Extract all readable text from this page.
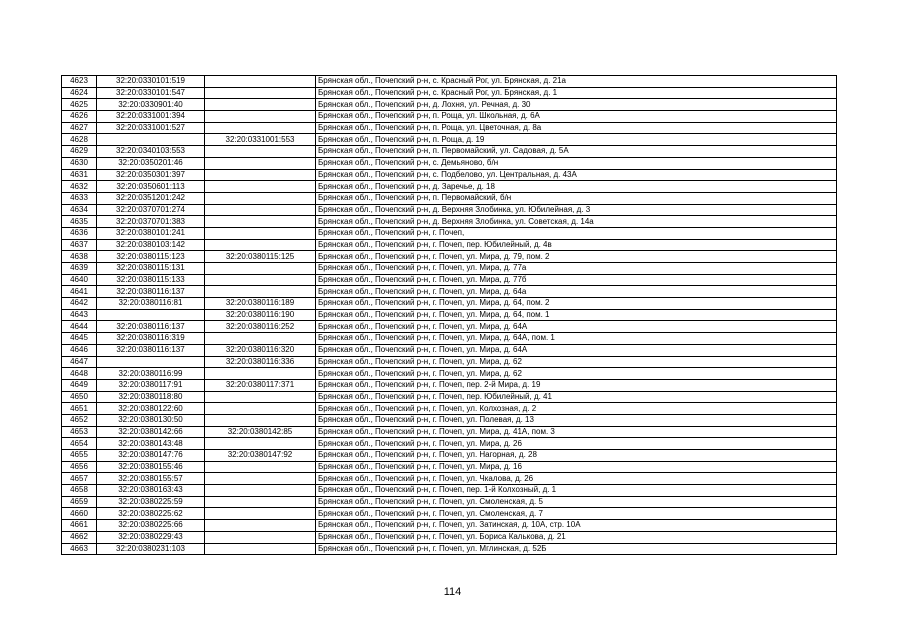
4623	32:20:0330101:519		Брянская обл., Почепский р-н, с. Красный Рог, ул. Брянская, д. 21а
4624	32:20:0330101:547		Брянская обл., Почепский р-н, с. Красный Рог, ул. Брянская, д. 1
4625	32:20:0330901:40		Брянская обл., Почепский р-н, д. Лохня, ул. Речная, д. 30
4626	32:20:0331001:394		Брянская обл., Почепский р-н, п. Роща, ул. Школьная, д. 6А
4627	32:20:0331001:527		Брянская обл., Почепский р-н, п. Роща, ул. Цветочная, д. 8а
4628		32:20:0331001:553	Брянская обл., Почепский р-н, п. Роща, д. 19
4629	32:20:0340103:553		Брянская обл., Почепский р-н, п. Первомайский, ул. Садовая, д. 5А
4630	32:20:0350201:46		Брянская обл., Почепский р-н, с. Демьяново, б/н
4631	32:20:0350301:397		Брянская обл., Почепский р-н, с. Подбелово, ул. Центральная, д. 43А
4632	32:20:0350601:113		Брянская обл., Почепский р-н, д. Заречье, д. 18
4633	32:20:0351201:242		Брянская обл., Почепский р-н, п. Первомайский, б/н
4634	32:20:0370701:274		Брянская обл., Почепский р-н, д. Верхняя Злобинка, ул. Юбилейная, д. 3
4635	32:20:0370701:383		Брянская обл., Почепский р-н, д. Верхняя Злобинка, ул. Советская, д. 14а
4636	32:20:0380101:241		Брянская обл., Почепский р-н, г. Почеп,
4637	32:20:0380103:142		Брянская обл., Почепский р-н, г. Почеп, пер. Юбилейный, д. 4в
4638	32:20:0380115:123	32:20:0380115:125	Брянская обл., Почепский р-н, г. Почеп, ул. Мира, д. 79, пом. 2
4639	32:20:0380115:131		Брянская обл., Почепский р-н, г. Почеп, ул. Мира, д. 77а
4640	32:20:0380115:133		Брянская обл., Почепский р-н, г. Почеп, ул. Мира, д. 77б
4641	32:20:0380116:137		Брянская обл., Почепский р-н, г. Почеп, ул. Мира, д. 64а
4642	32:20:0380116:81	32:20:0380116:189	Брянская обл., Почепский р-н, г. Почеп, ул. Мира, д. 64, пом. 2
4643		32:20:0380116:190	Брянская обл., Почепский р-н, г. Почеп, ул. Мира, д. 64, пом. 1
4644	32:20:0380116:137	32:20:0380116:252	Брянская обл., Почепский р-н, г. Почеп, ул. Мира, д. 64А
4645	32:20:0380116:319		Брянская обл., Почепский р-н, г. Почеп, ул. Мира, д. 64А, пом. 1
4646	32:20:0380116:137	32:20:0380116:320	Брянская обл., Почепский р-н, г. Почеп, ул. Мира, д. 64А
4647		32:20:0380116:336	Брянская обл., Почепский р-н, г. Почеп, ул. Мира, д. 62
4648	32:20:0380116:99		Брянская обл., Почепский р-н, г. Почеп, ул. Мира, д. 62
4649	32:20:0380117:91	32:20:0380117:371	Брянская обл., Почепский р-н, г. Почеп, пер. 2-й Мира, д. 19
4650	32:20:0380118:80		Брянская обл., Почепский р-н, г. Почеп, пер. Юбилейный, д. 41
4651	32:20:0380122:60		Брянская обл., Почепский р-н, г. Почеп, ул. Колхозная, д. 2
4652	32:20:0380130:50		Брянская обл., Почепский р-н, г. Почеп, ул. Полевая, д. 13
4653	32:20:0380142:66	32:20:0380142:85	Брянская обл., Почепский р-н, г. Почеп, ул. Мира, д. 41А, пом. 3
4654	32:20:0380143:48		Брянская обл., Почепский р-н, г. Почеп, ул. Мира, д. 26
4655	32:20:0380147:76	32:20:0380147:92	Брянская обл., Почепский р-н, г. Почеп, ул. Нагорная, д. 28
4656	32:20:0380155:46		Брянская обл., Почепский р-н, г. Почеп, ул. Мира, д. 16
4657	32:20:0380155:57		Брянская обл., Почепский р-н, г. Почеп, ул. Чкалова, д. 26
4658	32:20:0380163:43		Брянская обл., Почепский р-н, г. Почеп, пер. 1-й Колхозный, д. 1
4659	32:20:0380225:59		Брянская обл., Почепский р-н, г. Почеп, ул. Смоленская, д. 5
4660	32:20:0380225:62		Брянская обл., Почепский р-н, г. Почеп, ул. Смоленская, д. 7
4661	32:20:0380225:66		Брянская обл., Почепский р-н, г. Почеп, ул. Затинская, д. 10А, стр. 10А
4662	32:20:0380229:43		Брянская обл., Почепский р-н, г. Почеп, ул. Бориса Калькова, д. 21
4663	32:20:0380231:103		Брянская обл., Почепский р-н, г. Почеп, ул. Мглинская, д. 52Б
114
